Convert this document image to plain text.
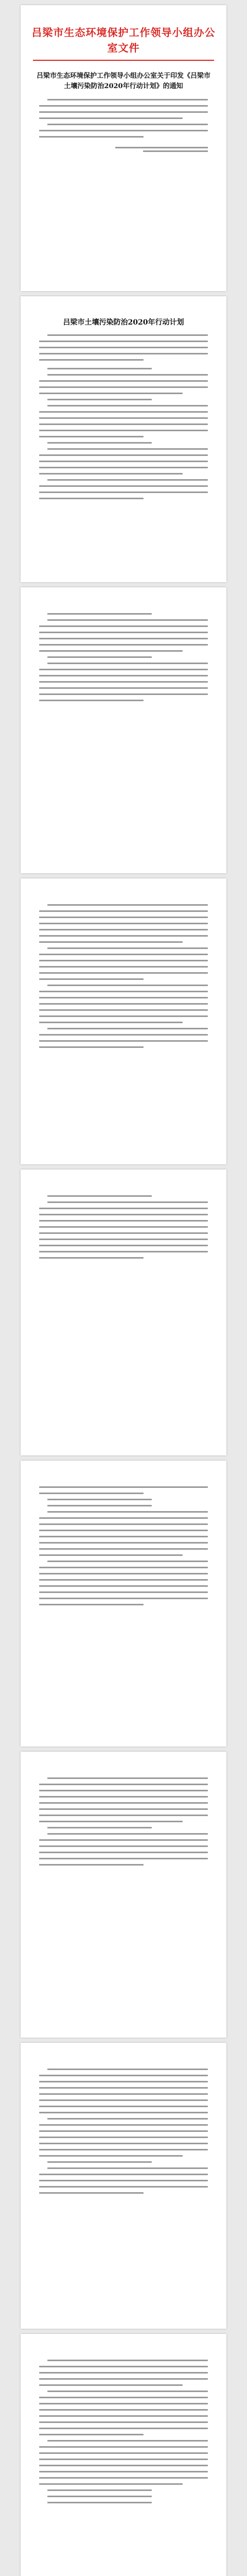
吕梁市生态环境保护工作领导小组办公室文件
吕梁市生态环境保护工作领导小组办公室关于印发《吕梁市土壤污染防治2020年行动计划》的通知
吕梁市土壤污染防治2020年行动计划
